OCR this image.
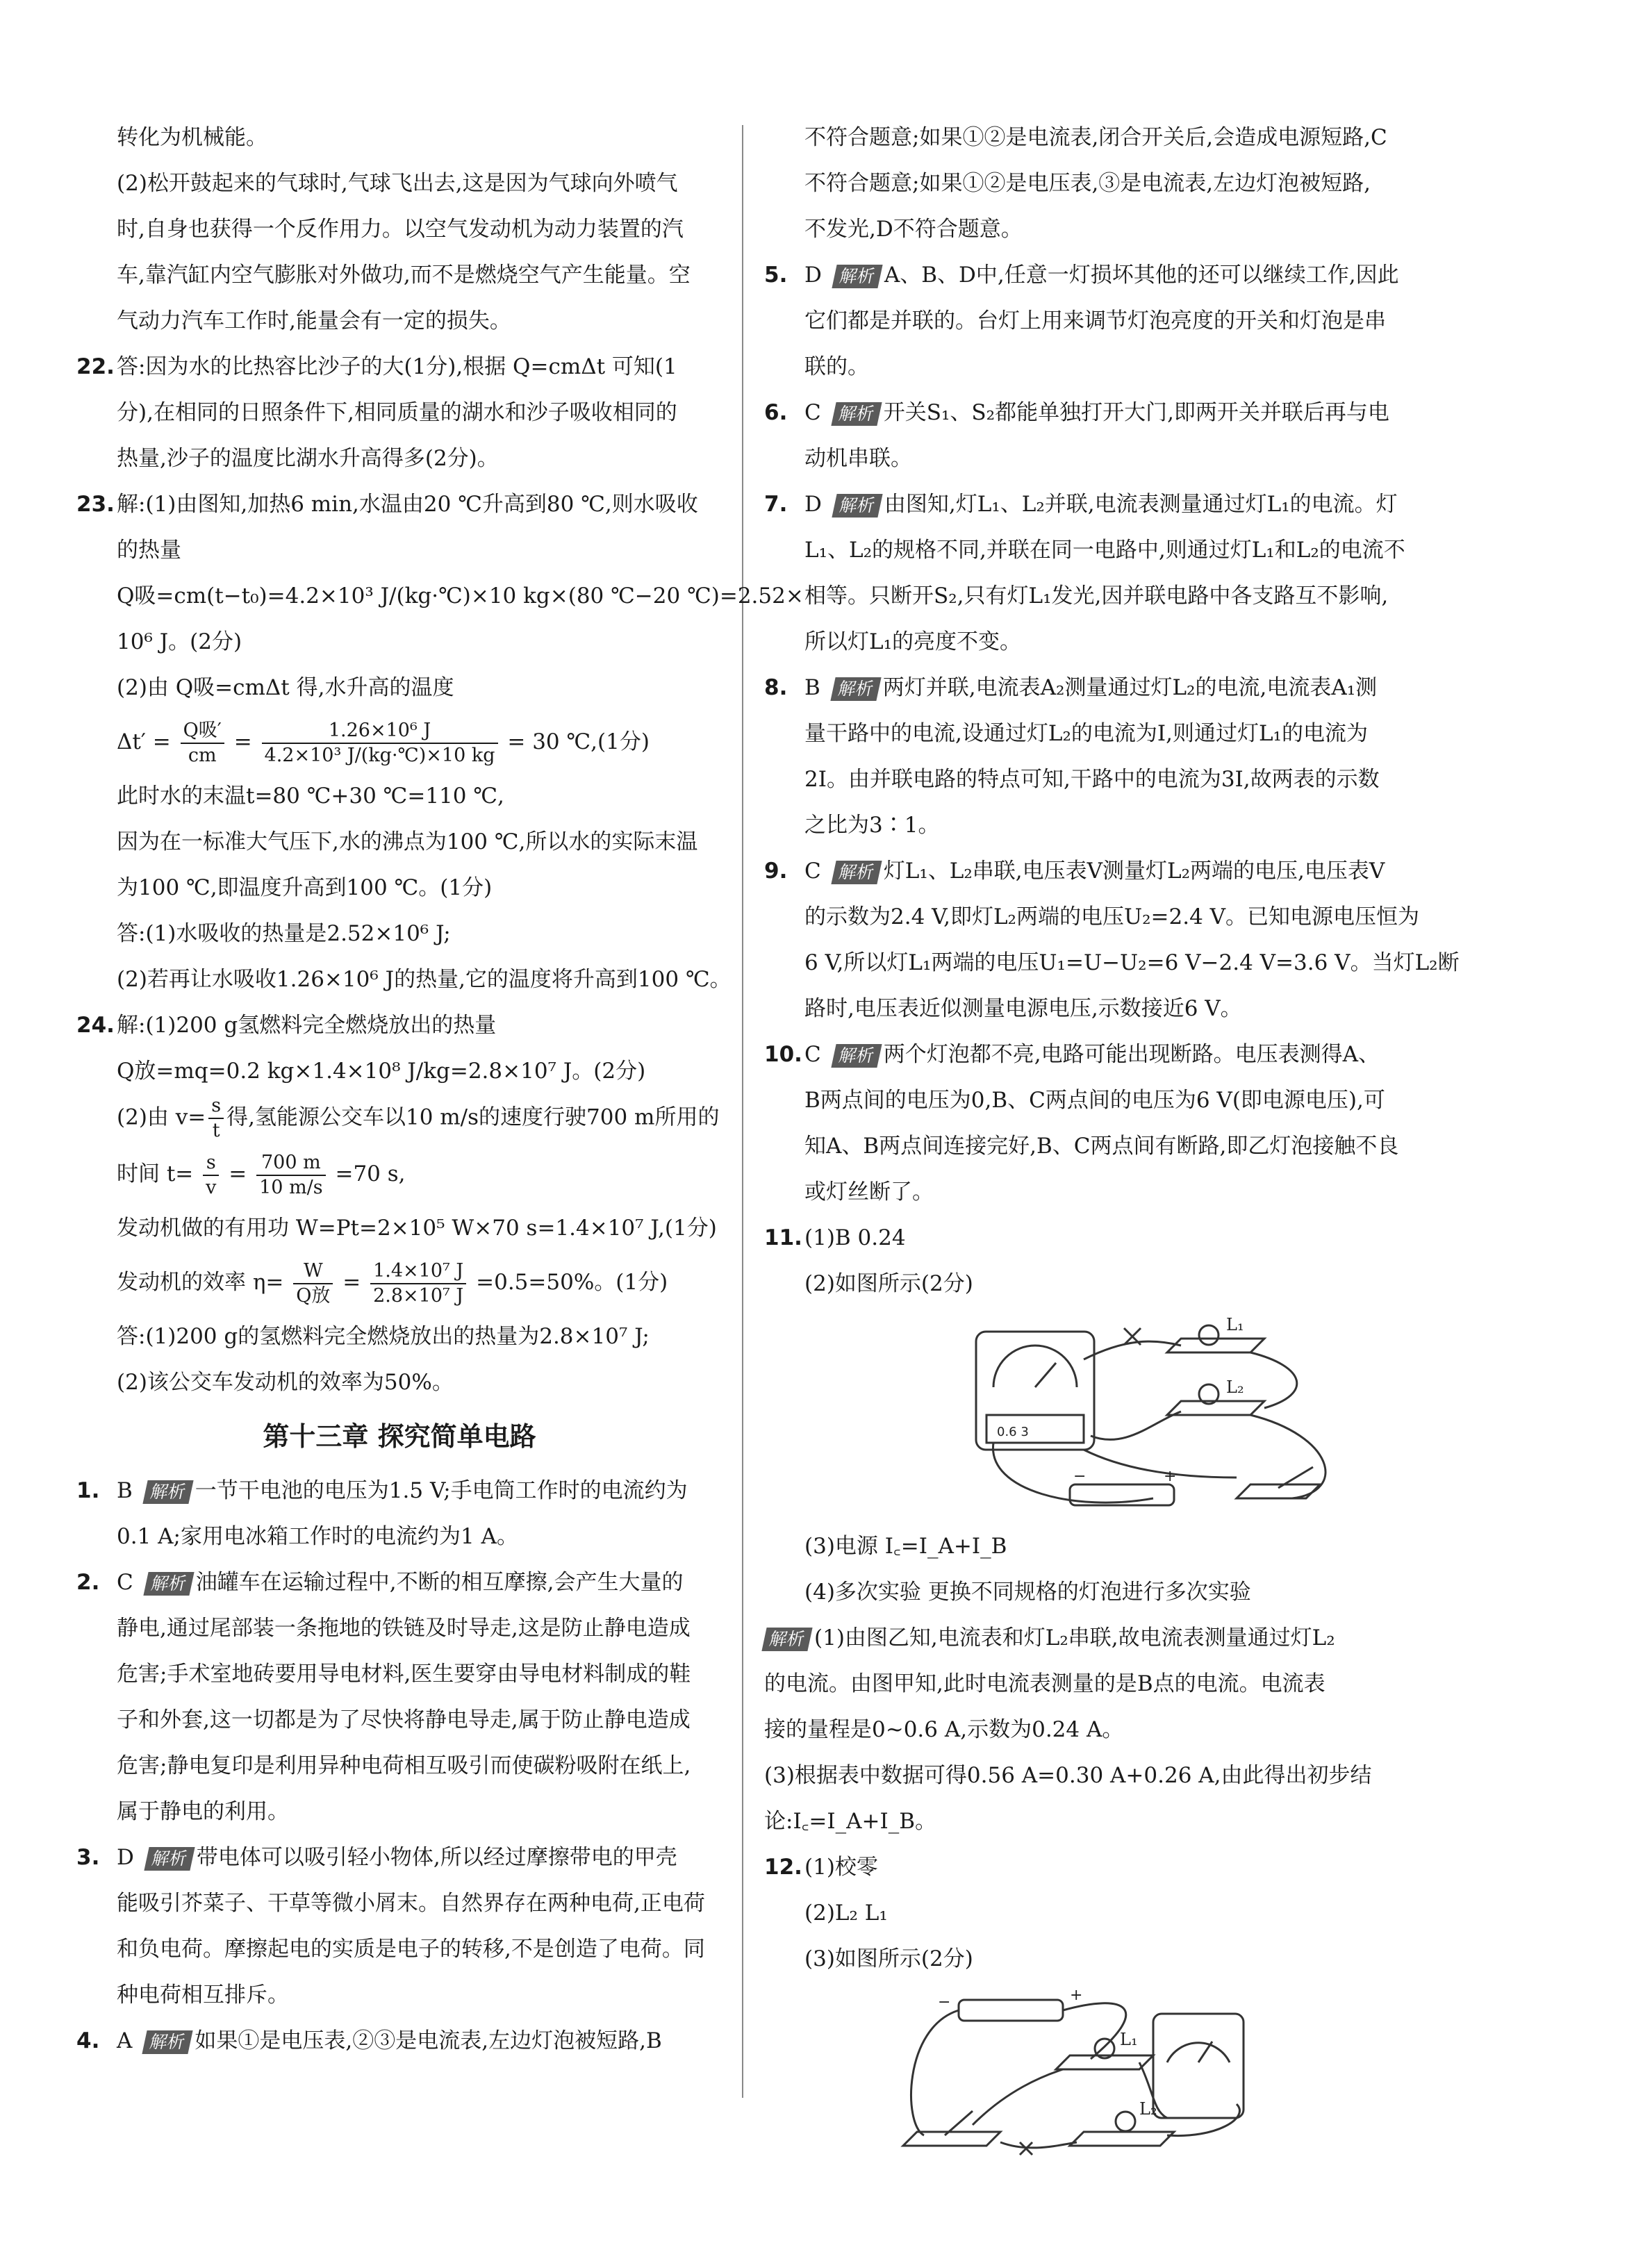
转化为机械能。
(2)松开鼓起来的气球时,气球飞出去,这是因为气球向外喷气
时,自身也获得一个反作用力。以空气发动机为动力装置的汽
车,靠汽缸内空气膨胀对外做功,而不是燃烧空气产生能量。空
气动力汽车工作时,能量会有一定的损失。
22.答:因为水的比热容比沙子的大(1分),根据 Q=cmΔt 可知(1
分),在相同的日照条件下,相同质量的湖水和沙子吸收相同的
热量,沙子的温度比湖水升高得多(2分)。
23.解:(1)由图知,加热6 min,水温由20 ℃升高到80 ℃,则水吸收
的热量
Q吸=cm(t−t₀)=4.2×10³ J/(kg·℃)×10 kg×(80 ℃−20 ℃)=2.52×
10⁶ J。(2分)
(2)由 Q吸=cmΔt 得,水升高的温度
$\Delta t' = \frac{\text{Q吸′}}{cm} = \frac{\text{1.26×10⁶ J}}{\text{4.2×10³ J/(kg·℃)×10 kg}} = 30$ ℃,(1分)
此时水的末温t=80 ℃+30 ℃=110 ℃,
因为在一标准大气压下,水的沸点为100 ℃,所以水的实际末温
为100 ℃,即温度升高到100 ℃。(1分)
答:(1)水吸收的热量是2.52×10⁶ J;
(2)若再让水吸收1.26×10⁶ J的热量,它的温度将升高到100 ℃。
24.解:(1)200 g氢燃料完全燃烧放出的热量
Q放=mq=0.2 kg×1.4×10⁸ J/kg=2.8×10⁷ J。(2分)
(2)由 $v= \frac{s}{t}$ 得,氢能源公交车以10 m/s的速度行驶700 m所用的
时间 $t= \frac{s}{v} = \frac{700 m}{10 m/s} =70$ s,
发动机做的有用功 W=Pt=2×10⁵ W×70 s=1.4×10⁷ J,(1分)
发动机的效率 $\eta= \frac{W}{\text{Q放}} = \frac{\text{1.4×10⁷ J}}{\text{2.8×10⁷ J}} =0.5=50\%$。(1分)
答:(1)200 g的氢燃料完全燃烧放出的热量为2.8×10⁷ J;
(2)该公交车发动机的效率为50%。
第十三章 探究简单电路
1. B 解析 一节干电池的电压为1.5 V;手电筒工作时的电流约为
0.1 A;家用电冰箱工作时的电流约为1 A。
2. C 解析 油罐车在运输过程中,不断的相互摩擦,会产生大量的
静电,通过尾部装一条拖地的铁链及时导走,这是防止静电造成
危害;手术室地砖要用导电材料,医生要穿由导电材料制成的鞋
子和外套,这一切都是为了尽快将静电导走,属于防止静电造成
危害;静电复印是利用异种电荷相互吸引而使碳粉吸附在纸上,
属于静电的利用。
3. D 解析 带电体可以吸引轻小物体,所以经过摩擦带电的甲壳
能吸引芥菜子、干草等微小屑末。自然界存在两种电荷,正电荷
和负电荷。摩擦起电的实质是电子的转移,不是创造了电荷。同
种电荷相互排斥。
4. A 解析 如果①是电压表,②③是电流表,左边灯泡被短路,B
不符合题意;如果①②是电流表,闭合开关后,会造成电源短路,C
不符合题意;如果①②是电压表,③是电流表,左边灯泡被短路,
不发光,D不符合题意。
5. D 解析 A、B、D中,任意一灯损坏其他的还可以继续工作,因此
它们都是并联的。台灯上用来调节灯泡亮度的开关和灯泡是串
联的。
6. C 解析 开关S₁、S₂都能单独打开大门,即两开关并联后再与电
动机串联。
7. D 解析 由图知,灯L₁、L₂并联,电流表测量通过灯L₁的电流。灯
L₁、L₂的规格不同,并联在同一电路中,则通过灯L₁和L₂的电流不
相等。只断开S₂,只有灯L₁发光,因并联电路中各支路互不影响,
所以灯L₁的亮度不变。
8. B 解析 两灯并联,电流表A₂测量通过灯L₂的电流,电流表A₁测
量干路中的电流,设通过灯L₂的电流为I,则通过灯L₁的电流为
2I。由并联电路的特点可知,干路中的电流为3I,故两表的示数
之比为3∶1。
9. C 解析 灯L₁、L₂串联,电压表V测量灯L₂两端的电压,电压表V
的示数为2.4 V,即灯L₂两端的电压U₂=2.4 V。已知电源电压恒为
6 V,所以灯L₁两端的电压U₁=U−U₂=6 V−2.4 V=3.6 V。当灯L₂断
路时,电压表近似测量电源电压,示数接近6 V。
10.C 解析 两个灯泡都不亮,电路可能出现断路。电压表测得A、
B两点间的电压为0,B、C两点间的电压为6 V(即电源电压),可
知A、B两点间连接完好,B、C两点间有断路,即乙灯泡接触不良
或灯丝断了。
11.(1)B 0.24
(2)如图所示(2分)
L₁
L₂
0.6 3
−	+
(3)电源 I꜀=I_A+I_B
(4)多次实验 更换不同规格的灯泡进行多次实验
解析 (1)由图乙知,电流表和灯L₂串联,故电流表测量通过灯L₂
的电流。由图甲知,此时电流表测量的是B点的电流。电流表
接的量程是0~0.6 A,示数为0.24 A。
(3)根据表中数据可得0.56 A=0.30 A+0.26 A,由此得出初步结
论:I꜀=I_A+I_B。
12.(1)校零
(2)L₂ L₁
(3)如图所示(2分)
L₁
L₂
−	+
